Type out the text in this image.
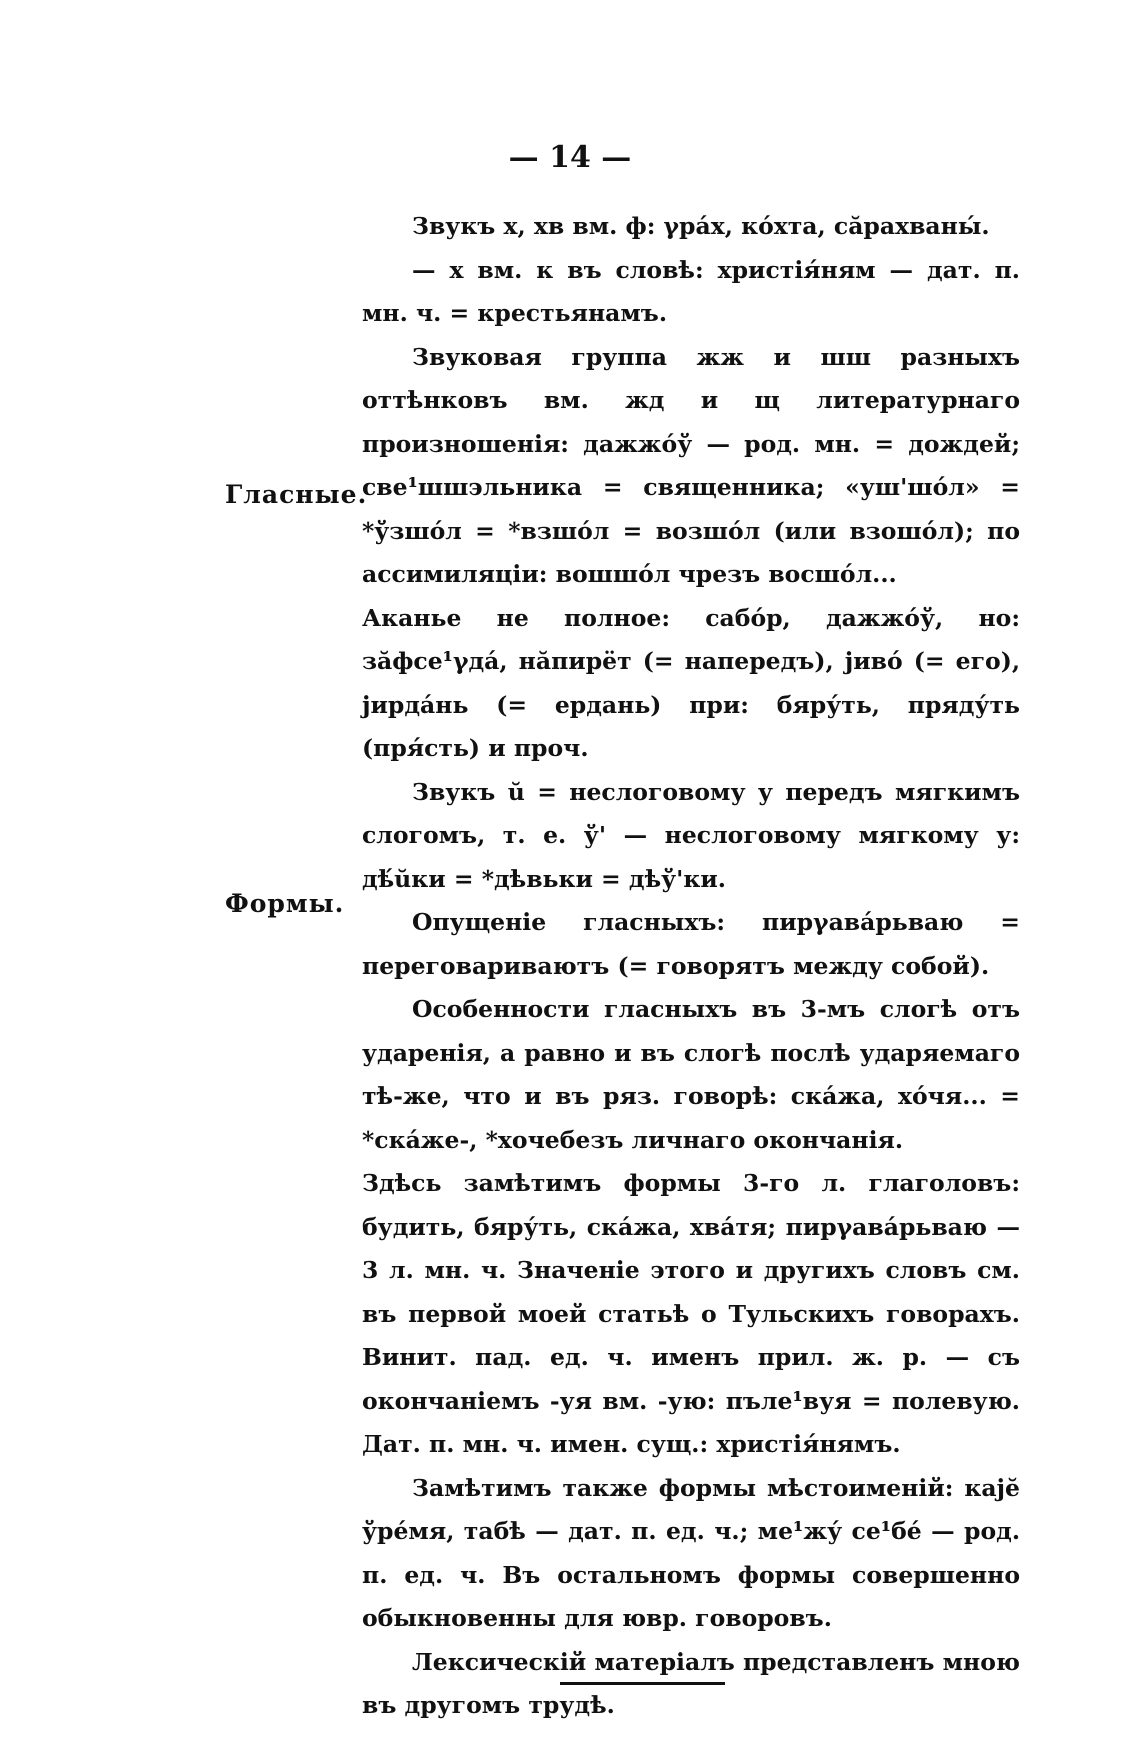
— 14 —
Гласные.
Формы.

Звукъ х, хв вм. ф: γра́х, ко́хта, сӑрахваны́.

— х вм. к въ словѣ: христія́ням — дат. п. мн. ч. = крестьянамъ.

Звуковая группа жж и шш разныхъ оттѣнковъ вм. жд и щ литературнаго произношенія: дажжо́ў — род. мн. = дождей; све¹шшэльника = священника; «уш'шо́л» = *ўзшо́л = *взшо́л = возшо́л (или взошо́л); по ассимиляціи: вошшо́л чрезъ восшо́л...

Аканье не полное: сабо́р, дажжо́ў, но: зӑфсе¹γда́, нӑпирёт (= напередъ), јиво́ (= его), јирда́нь (= ердань) при: бяру́ть, пряду́ть (пря́сть) и проч.

Звукъ ŭ = неслоговому у передъ мягкимъ слогомъ, т. е. ў' — неслоговому мягкому у: дѣ́ŭки = *дѣвьки = дѣў'ки.

Опущеніе гласныхъ: пирγава́рьваю = переговариваютъ (= говорятъ между собой).

Особенности гласныхъ въ 3-мъ слогѣ отъ ударенія, а равно и въ слогѣ послѣ ударяемаго тѣ-же, что и въ ряз. говорѣ: ска́жа, хо́чя... = *ска́же-, *хочебезъ личнаго окончанія.

Здѣсь замѣтимъ формы 3-го л. глаголовъ: будить, бяру́ть, ска́жа, хва́тя; пирγава́рьваю — 3 л. мн. ч. Значеніе этого и другихъ словъ см. въ первой моей статьѣ о Тульскихъ говорахъ. Винит. пад. ед. ч. именъ прил. ж. р. — съ окончаніемъ -уя вм. -ую: пъле¹вуя = полевую. Дат. п. мн. ч. имен. сущ.: христія́нямъ.

Замѣтимъ также формы мѣстоименій: кајӗ ўре́мя, табѣ — дат. п. ед. ч.; ме¹жу́ се¹бе́ — род. п. ед. ч. Въ остальномъ формы совершенно обыкновенны для ювр. говоровъ.

Лексическій матеріалъ представленъ мною въ другомъ трудѣ.
